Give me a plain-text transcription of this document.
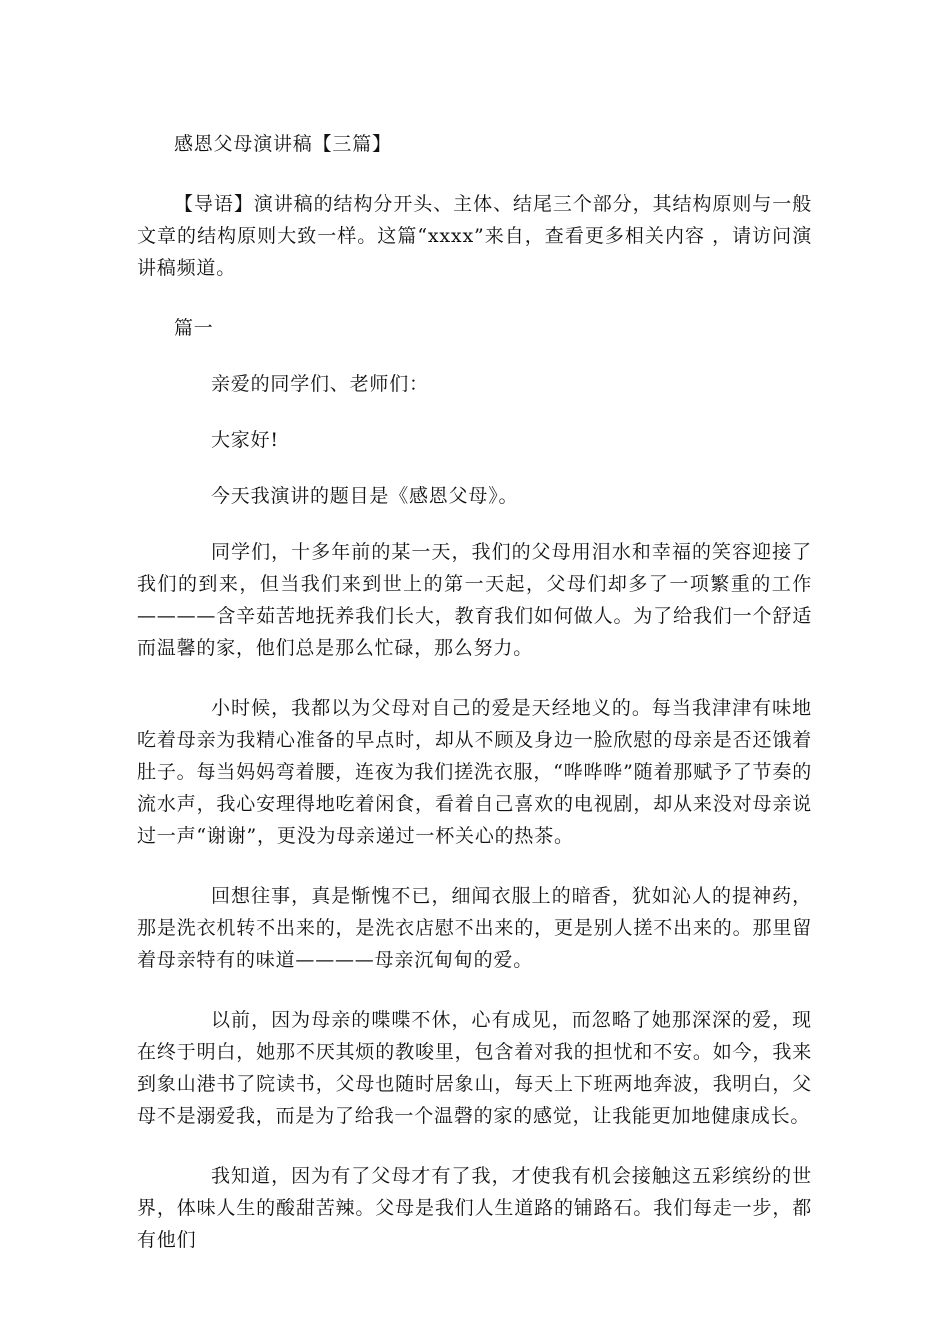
感恩父母演讲稿【三篇】

【导语】演讲稿的结构分开头、主体、结尾三个部分，其结构原则与一般文章的结构原则大致一样。这篇“xxxx”来自，查看更多相关内容 ，请访问演讲稿频道。

篇一

亲爱的同学们、老师们：

大家好!

今天我演讲的题目是《感恩父母》。

同学们，十多年前的某一天，我们的父母用泪水和幸福的笑容迎接了我们的到来，但当我们来到世上的第一天起，父母们却多了一项繁重的工作————含辛茹苦地抚养我们长大，教育我们如何做人。为了给我们一个舒适而温馨的家，他们总是那么忙碌，那么努力。

小时候，我都以为父母对自己的爱是天经地义的。每当我津津有味地吃着母亲为我精心准备的早点时，却从不顾及身边一脸欣慰的母亲是否还饿着肚子。每当妈妈弯着腰，连夜为我们搓洗衣服，“哗哗哗”随着那赋予了节奏的流水声，我心安理得地吃着闲食，看着自己喜欢的电视剧，却从来没对母亲说过一声“谢谢”，更没为母亲递过一杯关心的热茶。

回想往事，真是惭愧不已，细闻衣服上的暗香，犹如沁人的提神药，那是洗衣机转不出来的，是洗衣店慰不出来的，更是别人搓不出来的。那里留着母亲特有的味道————母亲沉甸甸的爱。

以前，因为母亲的喋喋不休，心有成见，而忽略了她那深深的爱，现在终于明白，她那不厌其烦的教唆里，包含着对我的担忧和不安。如今，我来到象山港书了院读书，父母也随时居象山，每天上下班两地奔波，我明白，父母不是溺爱我，而是为了给我一个温磬的家的感觉，让我能更加地健康成长。

我知道，因为有了父母才有了我，才使我有机会接触这五彩缤纷的世界，体味人生的酸甜苦辣。父母是我们人生道路的铺路石。我们每走一步，都有他们
